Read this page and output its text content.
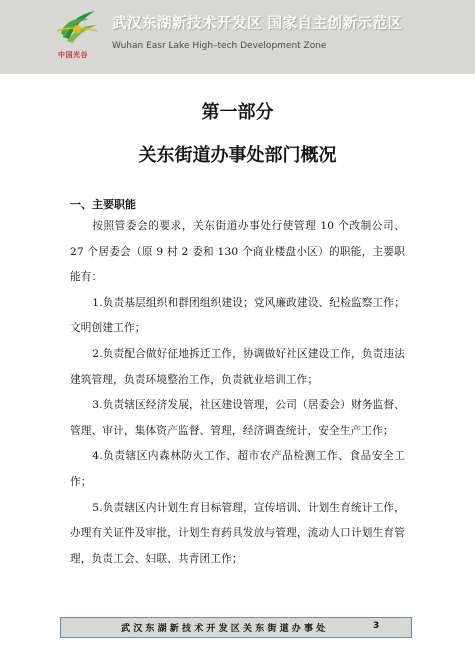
中国光谷
武汉东湖新技术开发区 国家自主创新示范区
Wuhan Easr Lake High–tech Development Zone
第一部分
关东街道办事处部门概况
一、主要职能

按照管委会的要求，关东街道办事处行使管理 10 个改制公司、27 个居委会（原 9 村 2 委和 130 个商业楼盘小区）的职能，主要职能有：

1.负责基层组织和群团组织建设；党风廉政建设、纪检监察工作；文明创建工作；

2.负责配合做好征地拆迁工作，协调做好社区建设工作，负责违法建筑管理，负责环境整治工作，负责就业培训工作；

3.负责辖区经济发展，社区建设管理，公司（居委会）财务监督、管理、审计，集体资产监督、管理，经济调查统计，安全生产工作；

4.负责辖区内森林防火工作、超市农产品检测工作、食品安全工作；

5.负责辖区内计划生育目标管理，宣传培训、计划生育统计工作，办理有关证件及审批，计划生育药具发放与管理，流动人口计划生育管理，负责工会、妇联、共青团工作；

武汉东湖新技术开发区关东街道办事处	3
